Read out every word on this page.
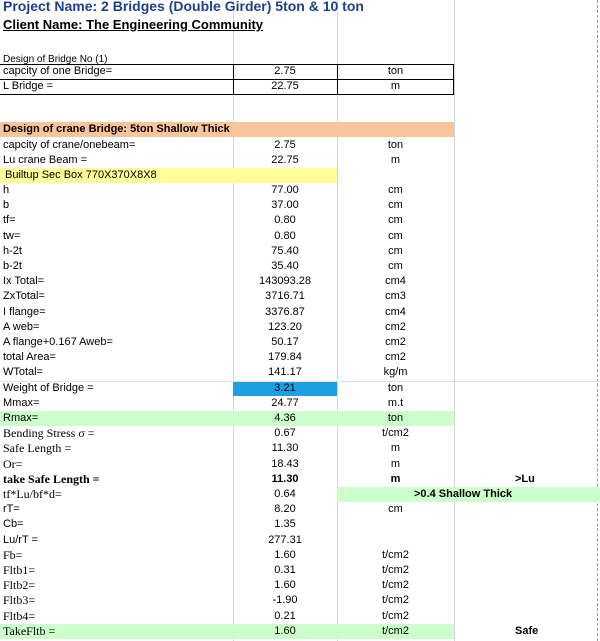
Project Name: 2 Bridges (Double Girder) 5ton & 10 ton
Client Name: The Engineering Community
Design of Bridge No (1)
capcity of one Bridge=	2.75	ton
L Bridge =	22.75	m
Design of crane Bridge: 5ton Shallow Thick
capcity of crane/onebeam=	2.75	ton
Lu crane Beam =	22.75	m
Builtup Sec Box 770X370X8X8
h	77.00	cm
b	37.00	cm
tf=	0.80	cm
tw=	0.80	cm
h-2t	75.40	cm
b-2t	35.40	cm
Ix Total=	143093.28	cm4
ZxTotal=	3716.71	cm3
I flange=	3376.87	cm4
A web=	123.20	cm2
A flange+0.167 Aweb=	50.17	cm2
total Area=	179.84	cm2
WTotal=	141.17	kg/m
Weight of Bridge =	3.21	ton
Mmax=	24.77	m.t
Rmax=	4.36	ton
Bending Stress σ =	0.67	t/cm2
Safe Length =	11.30	m
Or=	18.43	m
take Safe Length =	11.30	m	>Lu
tf*Lu/bf*d=	0.64	>0.4 Shallow Thick
rT=	8.20	cm
Cb=	1.35
Lu/rT =	277.31
Fb=	1.60	t/cm2
Fltb1=	0.31	t/cm2
Fltb2=	1.60	t/cm2
Fltb3=	-1.90	t/cm2
Fltb4=	0.21	t/cm2
TakeFltb =	1.60	t/cm2	Safe
